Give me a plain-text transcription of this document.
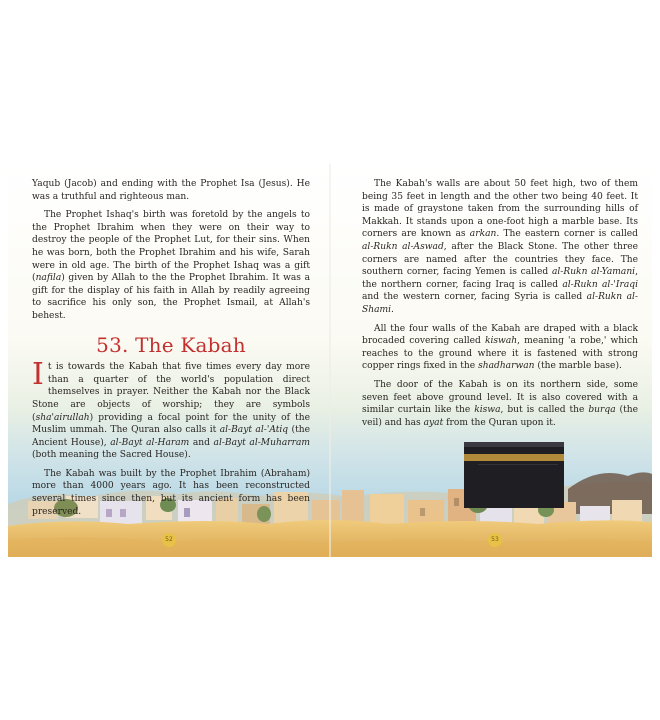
Yaqub (Jacob) and ending with the Prophet Isa (Jesus). He was a truthful and righteous man.

The Prophet Ishaq's birth was foretold by the angels to the Prophet Ibrahim when they were on their way to destroy the people of the Prophet Lut, for their sins. When he was born, both the Prophet Ibrahim and his wife, Sarah were in old age. The birth of the Prophet Ishaq was a gift (nafila) given by Allah to the the Prophet Ibrahim. It was a gift for the display of his faith in Allah by readily agreeing to sacrifice his only son, the Prophet Ismail, at Allah's behest.

53. The Kabah

It is towards the Kabah that five times every day more than a quarter of the world's population direct themselves in prayer. Neither the Kabah nor the Black Stone are objects of worship; they are symbols (sha'airullah) providing a focal point for the unity of the Muslim ummah. The Quran also calls it al-Bayt al-'Atiq (the Ancient House), al-Bayt al-Haram and al-Bayt al-Muharram (both meaning the Sacred House).

The Kabah was built by the Prophet Ibrahim (Abraham) more than 4000 years ago. It has been reconstructed several times since then, but its ancient form has been preserved.

The Kabah's walls are about 50 feet high, two of them being 35 feet in length and the other two being 40 feet. It is made of graystone taken from the surrounding hills of Makkah. It stands upon a one-foot high a marble base. Its corners are known as arkan. The eastern corner is called al-Rukn al-Aswad, after the Black Stone. The other three corners are named after the countries they face. The southern corner, facing Yemen is called al-Rukn al-Yamani, the northern corner, facing Iraq is called al-Rukn al-'Iraqi and the western corner, facing Syria is called al-Rukn al-Shami.

All the four walls of the Kabah are draped with a black brocaded covering called kiswah, meaning 'a robe,' which reaches to the ground where it is fastened with strong copper rings fixed in the shadharwan (the marble base).

The door of the Kabah is on its northern side, some seven feet above ground level. It is also covered with a similar curtain like the kiswa, but is called the burqa (the veil) and has ayat from the Quran upon it.

52	53
